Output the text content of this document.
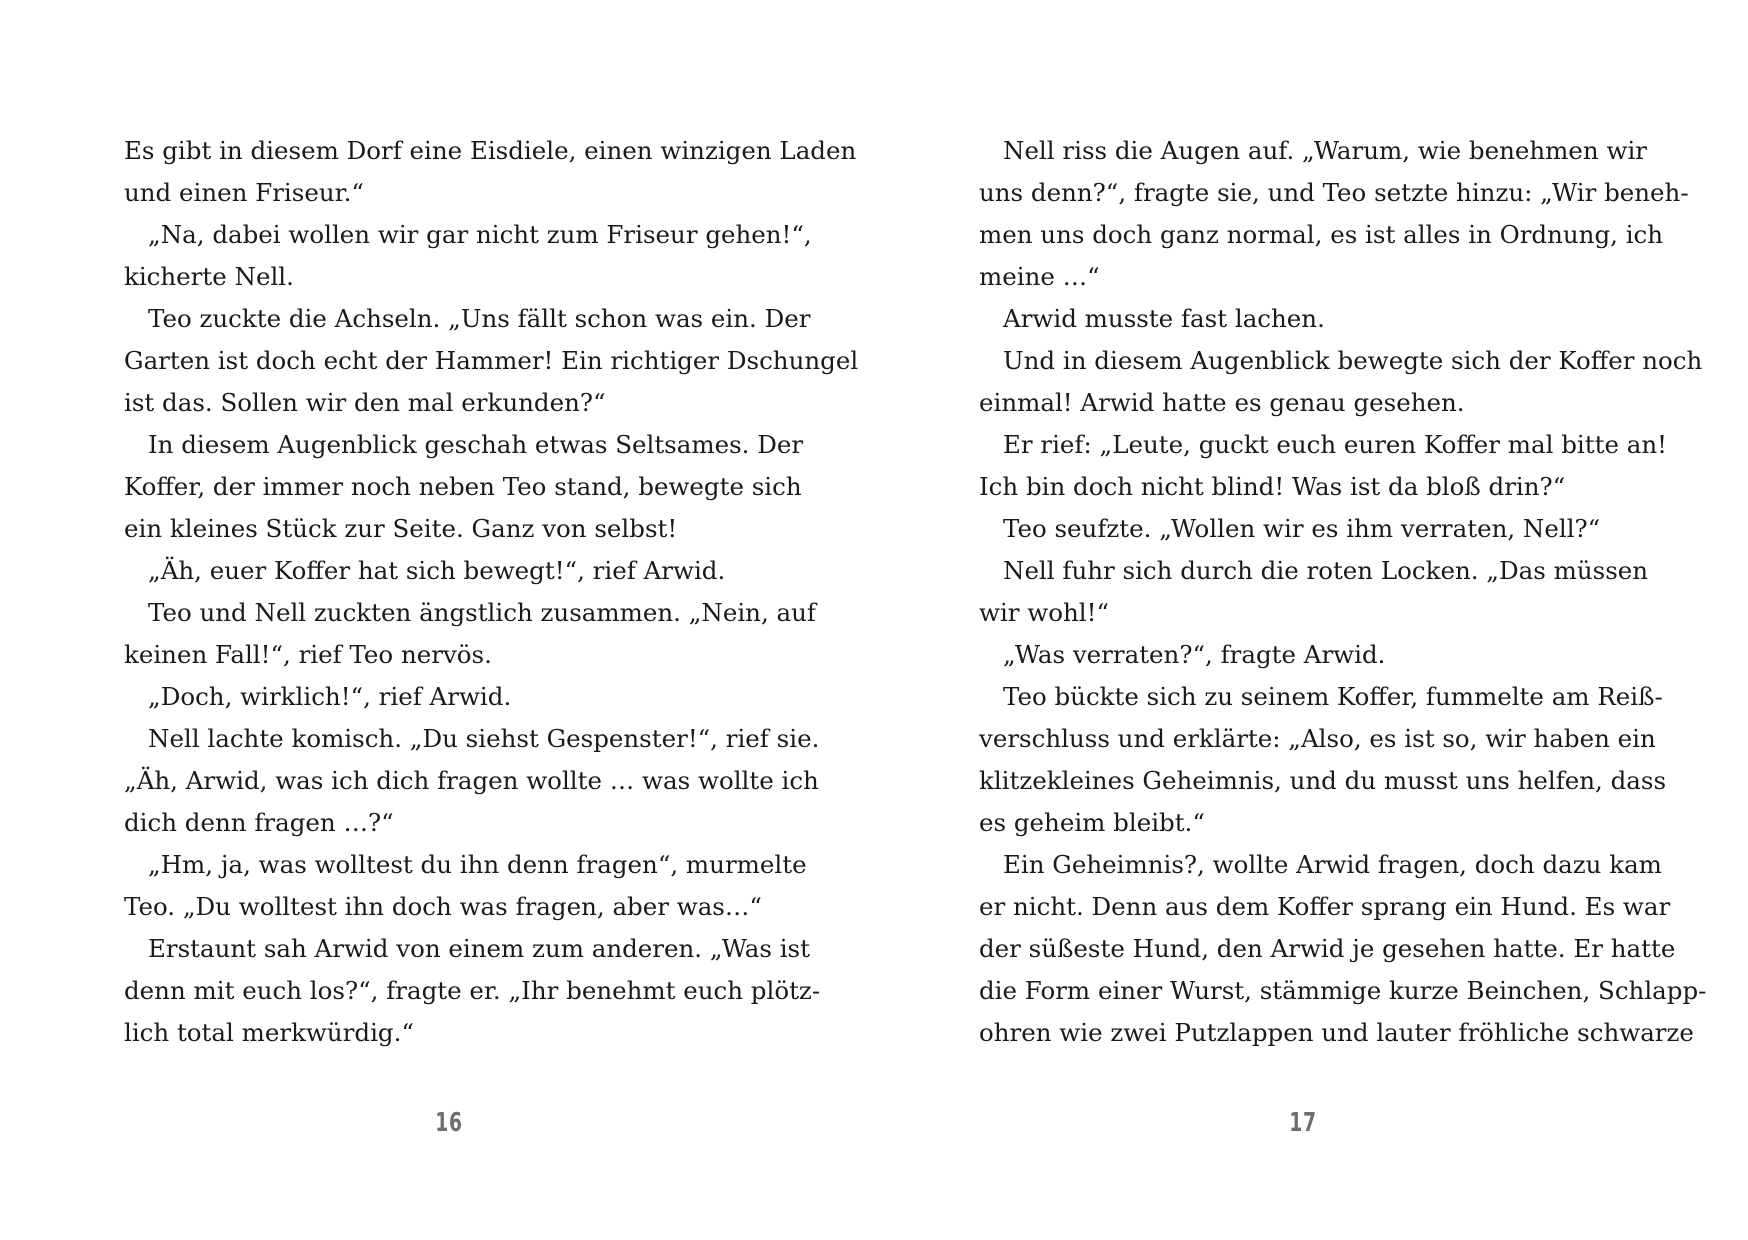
Es gibt in diesem Dorf eine Eisdiele, einen winzigen Laden
und einen Friseur.“
„Na, dabei wollen wir gar nicht zum Friseur gehen!“,
kicherte Nell.
Teo zuckte die Achseln. „Uns fällt schon was ein. Der
Garten ist doch echt der Hammer! Ein richtiger Dschungel
ist das. Sollen wir den mal erkunden?“
In diesem Augenblick geschah etwas Seltsames. Der
Koffer, der immer noch neben Teo stand, bewegte sich
ein kleines Stück zur Seite. Ganz von selbst!
„Äh, euer Koffer hat sich bewegt!“, rief Arwid.
Teo und Nell zuckten ängstlich zusammen. „Nein, auf
keinen Fall!“, rief Teo nervös.
„Doch, wirklich!“, rief Arwid.
Nell lachte komisch. „Du siehst Gespenster!“, rief sie.
„Äh, Arwid, was ich dich fragen wollte … was wollte ich
dich denn fragen …?“
„Hm, ja, was wolltest du ihn denn fragen“, murmelte
Teo. „Du wolltest ihn doch was fragen, aber was…“
Erstaunt sah Arwid von einem zum anderen. „Was ist
denn mit euch los?“, fragte er. „Ihr benehmt euch plötz-
lich total merkwürdig.“
16
Nell riss die Augen auf. „Warum, wie benehmen wir
uns denn?“, fragte sie, und Teo setzte hinzu: „Wir beneh-
men uns doch ganz normal, es ist alles in Ordnung, ich
meine …“
Arwid musste fast lachen.
Und in diesem Augenblick bewegte sich der Koffer noch
einmal! Arwid hatte es genau gesehen.
Er rief: „Leute, guckt euch euren Koffer mal bitte an!
Ich bin doch nicht blind! Was ist da bloß drin?“
Teo seufzte. „Wollen wir es ihm verraten, Nell?“
Nell fuhr sich durch die roten Locken. „Das müssen
wir wohl!“
„Was verraten?“, fragte Arwid.
Teo bückte sich zu seinem Koffer, fummelte am Reiß-
verschluss und erklärte: „Also, es ist so, wir haben ein
klitzekleines Geheimnis, und du musst uns helfen, dass
es geheim bleibt.“
Ein Geheimnis?, wollte Arwid fragen, doch dazu kam
er nicht. Denn aus dem Koffer sprang ein Hund. Es war
der süßeste Hund, den Arwid je gesehen hatte. Er hatte
die Form einer Wurst, stämmige kurze Beinchen, Schlapp-
ohren wie zwei Putzlappen und lauter fröhliche schwarze
17
